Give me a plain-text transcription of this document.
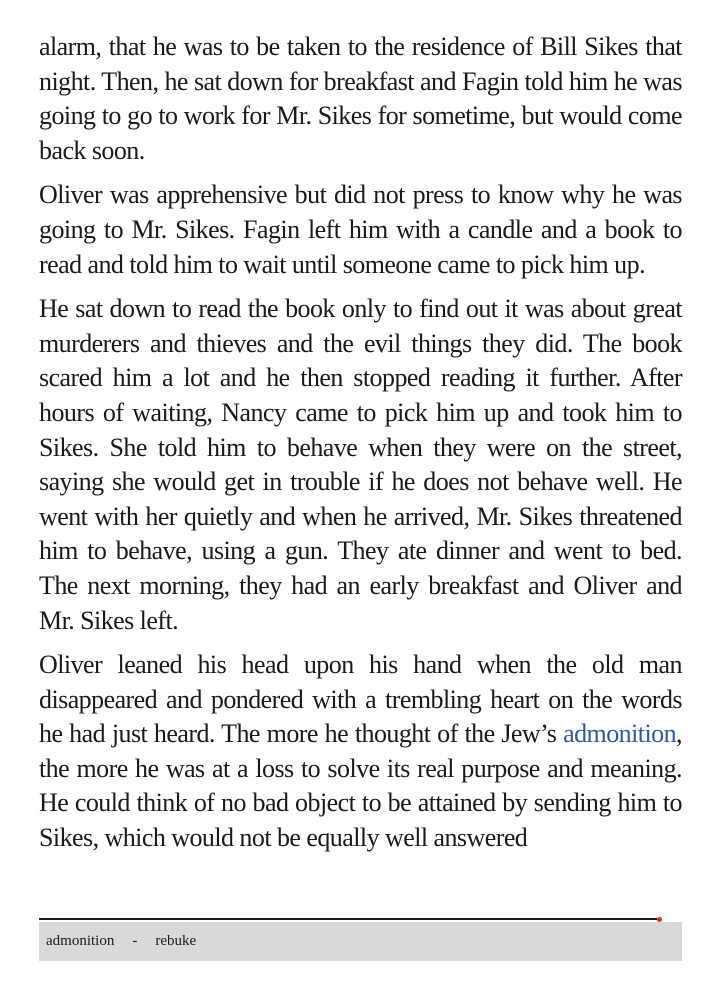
alarm, that he was to be taken to the residence of Bill Sikes that night. Then, he sat down for breakfast and Fagin told him he was going to go to work for Mr. Sikes for sometime, but would come back soon.

Oliver was apprehensive but did not press to know why he was going to Mr. Sikes. Fagin left him with a candle and a book to read and told him to wait until someone came to pick him up.

He sat down to read the book only to find out it was about great murderers and thieves and the evil things they did. The book scared him a lot and he then stopped reading it further. After hours of waiting, Nancy came to pick him up and took him to Sikes. She told him to behave when they were on the street, saying she would get in trouble if he does not behave well. He went with her quietly and when he arrived, Mr. Sikes threatened him to behave, using a gun. They ate dinner and went to bed. The next morning, they had an early breakfast and Oliver and Mr. Sikes left.

Oliver leaned his head upon his hand when the old man disappeared and pondered with a trembling heart on the words he had just heard. The more he thought of the Jew’s admonition, the more he was at a loss to solve its real purpose and meaning. He could think of no bad object to be attained by sending him to Sikes, which would not be equally well answered

admonition - rebuke
